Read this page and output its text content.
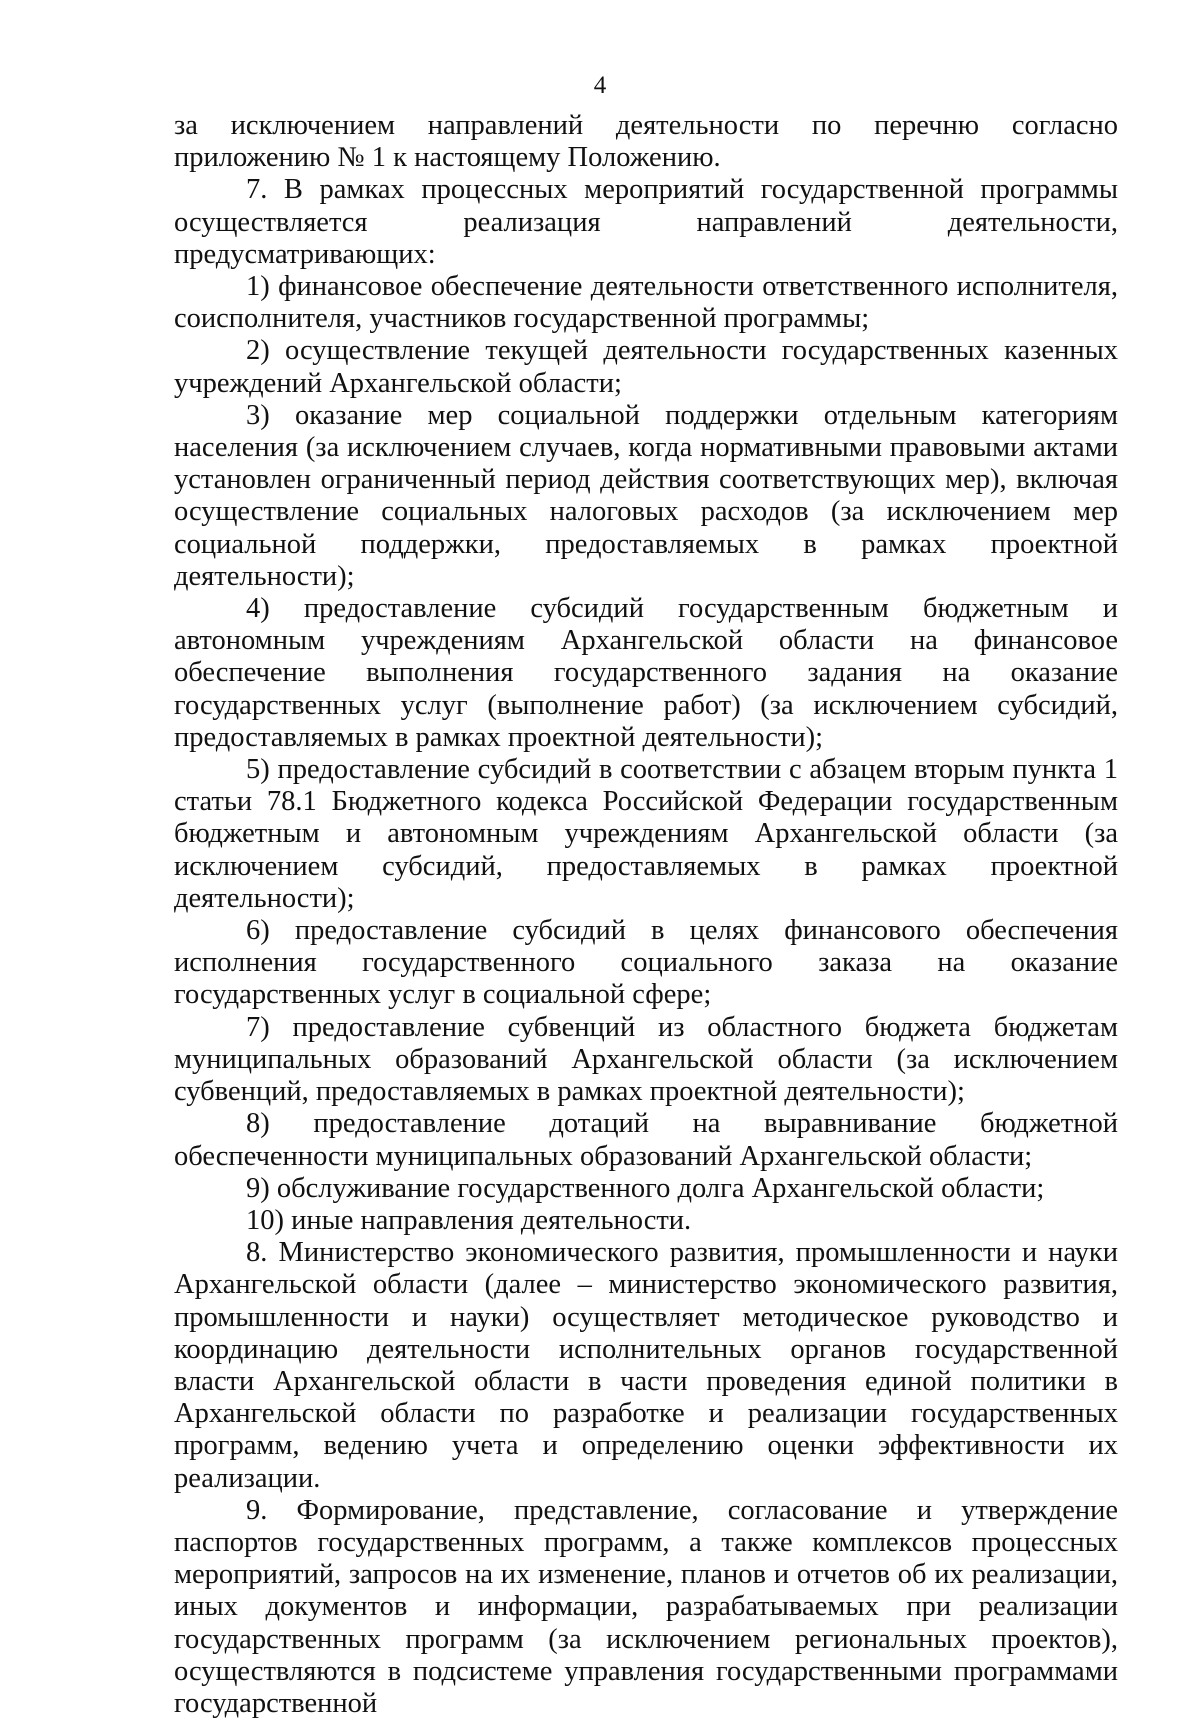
4

за исключением направлений деятельности по перечню согласно приложению № 1 к настоящему Положению.

7. В рамках процессных мероприятий государственной программы осуществляется реализация направлений деятельности, предусматривающих:

1) финансовое обеспечение деятельности ответственного исполнителя, соисполнителя, участников государственной программы;

2) осуществление текущей деятельности государственных казенных учреждений Архангельской области;

3) оказание мер социальной поддержки отдельным категориям населения (за исключением случаев, когда нормативными правовыми актами установлен ограниченный период действия соответствующих мер), включая осуществление социальных налоговых расходов (за исключением мер социальной поддержки, предоставляемых в рамках проектной деятельности);

4) предоставление субсидий государственным бюджетным и автономным учреждениям Архангельской области на финансовое обеспечение выполнения государственного задания на оказание государственных услуг (выполнение работ) (за исключением субсидий, предоставляемых в рамках проектной деятельности);

5) предоставление субсидий в соответствии с абзацем вторым пункта 1 статьи 78.1 Бюджетного кодекса Российской Федерации государственным бюджетным и автономным учреждениям Архангельской области (за исключением субсидий, предоставляемых в рамках проектной деятельности);

6) предоставление субсидий в целях финансового обеспечения исполнения государственного социального заказа на оказание государственных услуг в социальной сфере;

7) предоставление субвенций из областного бюджета бюджетам муниципальных образований Архангельской области (за исключением субвенций, предоставляемых в рамках проектной деятельности);

8) предоставление дотаций на выравнивание бюджетной обеспеченности муниципальных образований Архангельской области;

9) обслуживание государственного долга Архангельской области;

10) иные направления деятельности.

8. Министерство экономического развития, промышленности и науки Архангельской области (далее – министерство экономического развития, промышленности и науки) осуществляет методическое руководство и координацию деятельности исполнительных органов государственной власти Архангельской области в части проведения единой политики в Архангельской области по разработке и реализации государственных программ, ведению учета и определению оценки эффективности их реализации.

9. Формирование, представление, согласование и утверждение паспортов государственных программ, а также комплексов процессных мероприятий, запросов на их изменение, планов и отчетов об их реализации, иных документов и информации, разрабатываемых при реализации государственных программ (за исключением региональных проектов), осуществляются в подсистеме управления государственными программами государственной
